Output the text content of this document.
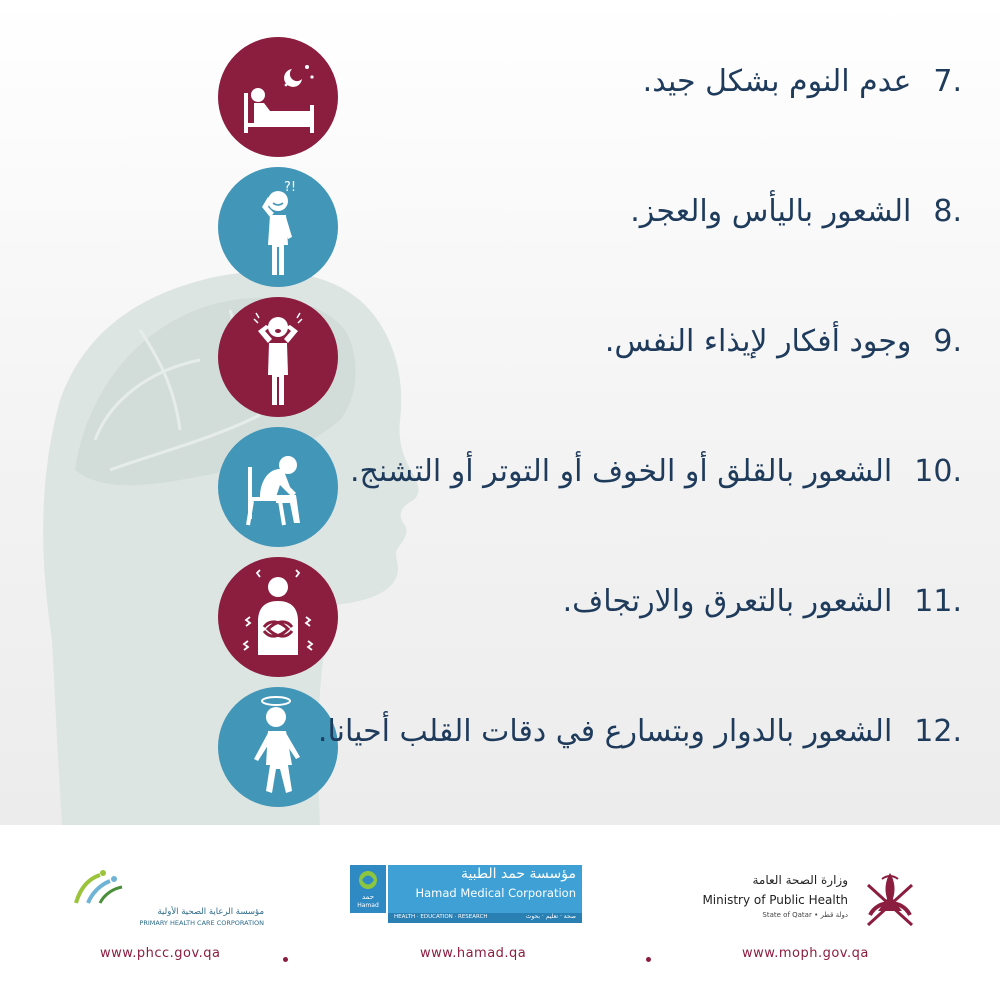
?!
7.عدم النوم بشكل جيد.
8.الشعور باليأس والعجز.
9.وجود أفكار لإيذاء النفس.
10.الشعور بالقلق أو الخوف أو التوتر أو التشنج.
11.الشعور بالتعرق والارتجاف.
12.الشعور بالدوار وبتسارع في دقات القلب أحيانا.
مؤسسة الرعاية الصحية الأولية
PRIMARY HEALTH CARE CORPORATION
حمد
Hamad
مؤسسة حمد الطبية
Hamad Medical Corporation
HEALTH · EDUCATION · RESEARCH	صحة · تعليم · بحوث
وزارة الصحة العامة
Ministry of Public Health
State of Qatar • دولة قطر
www.phcc.gov.qa	www.hamad.qa	www.moph.gov.qa
